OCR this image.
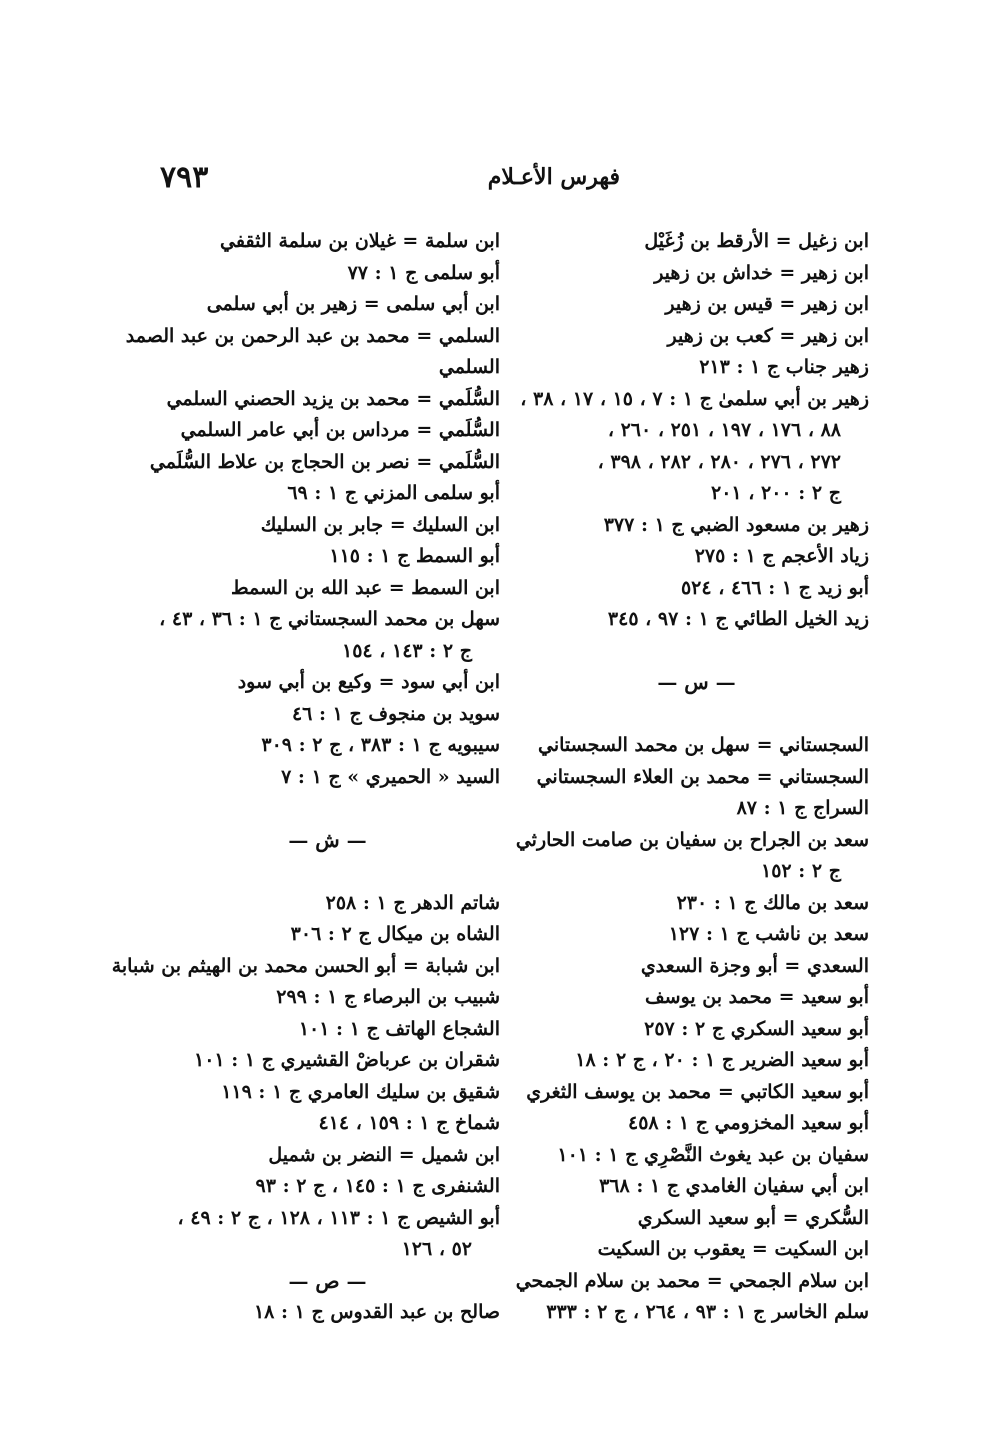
فهرس الأعـلام
٧٩٣
ابن زغيل = الأرقط بن زُغَيْل
ابن زهير = خداش بن زهير
ابن زهير = قيس بن زهير
ابن زهير = كعب بن زهير
زهير جناب ج ١ : ٢١٣
زهير بن أبي سلمىٰ ج ١ : ٧ ، ١٥ ، ١٧ ، ٣٨ ،
٨٨ ، ١٧٦ ، ١٩٧ ، ٢٥١ ، ٢٦٠ ،
٢٧٢ ، ٢٧٦ ، ٢٨٠ ، ٢٨٢ ، ٣٩٨ ،
ج ٢ : ٢٠٠ ، ٢٠١
زهير بن مسعود الضبي ج ١ : ٣٧٧
زياد الأعجم ج ١ : ٢٧٥
أبو زيد ج ١ : ٤٦٦ ، ٥٢٤
زيد الخيل الطائي ج ١ : ٩٧ ، ٣٤٥
— س —
السجستاني = سهل بن محمد السجستاني
السجستاني = محمد بن العلاء السجستاني
السراج ج ١ : ٨٧
سعد بن الجراح بن سفيان بن صامت الحارثي
ج ٢ : ١٥٢
سعد بن مالك ج ١ : ٢٣٠
سعد بن ناشب ج ١ : ١٢٧
السعدي = أبو وجزة السعدي
أبو سعيد = محمد بن يوسف
أبو سعيد السكري ج ٢ : ٢٥٧
أبو سعيد الضرير ج ١ : ٢٠ ، ج ٢ : ١٨
أبو سعيد الكاتبي = محمد بن يوسف الثغري
أبو سعيد المخزومي ج ١ : ٤٥٨
سفيان بن عبد يغوث النَّصْرِي ج ١ : ١٠١
ابن أبي سفيان الغامدي ج ١ : ٣٦٨
السُّكري = أبو سعيد السكري
ابن السكيت = يعقوب بن السكيت
ابن سلام الجمحي = محمد بن سلام الجمحي
سلم الخاسر ج ١ : ٩٣ ، ٢٦٤ ، ج ٢ : ٣٣٣
ابن سلمة = غيلان بن سلمة الثقفي
أبو سلمى ج ١ : ٧٧
ابن أبي سلمى = زهير بن أبي سلمى
السلمي = محمد بن عبد الرحمن بن عبد الصمد
السلمي
السُّلَمي = محمد بن يزيد الحصني السلمي
السُّلَمي = مرداس بن أبي عامر السلمي
السُّلَمي = نصر بن الحجاج بن علاط السُّلَمي
أبو سلمى المزني ج ١ : ٦٩
ابن السليك = جابر بن السليك
أبو السمط ج ١ : ١١٥
ابن السمط = عبد الله بن السمط
سهل بن محمد السجستاني ج ١ : ٣٦ ، ٤٣ ،
ج ٢ : ١٤٣ ، ١٥٤
ابن أبي سود = وكيع بن أبي سود
سويد بن منجوف ج ١ : ٤٦
سيبويه ج ١ : ٣٨٣ ، ج ٢ : ٣٠٩
السيد « الحميري » ج ١ : ٧
— ش —
شاتم الدهر ج ١ : ٢٥٨
الشاه بن ميكال ج ٢ : ٣٠٦
ابن شبابة = أبو الحسن محمد بن الهيثم بن شبابة
شبيب بن البرصاء ج ١ : ٢٩٩
الشجاع الهاتف ج ١ : ١٠١
شقران بن عرباضْ القشيري ج ١ : ١٠١
شقيق بن سليك العامري ج ١ : ١١٩
شماخ ج ١ : ١٥٩ ، ٤١٤
ابن شميل = النضر بن شميل
الشنفرى ج ١ : ١٤٥ ، ج ٢ : ٩٣
أبو الشيص ج ١ : ١١٣ ، ١٢٨ ، ج ٢ : ٤٩ ،
٥٢ ، ١٢٦
— ص —
صالح بن عبد القدوس ج ١ : ١٨
